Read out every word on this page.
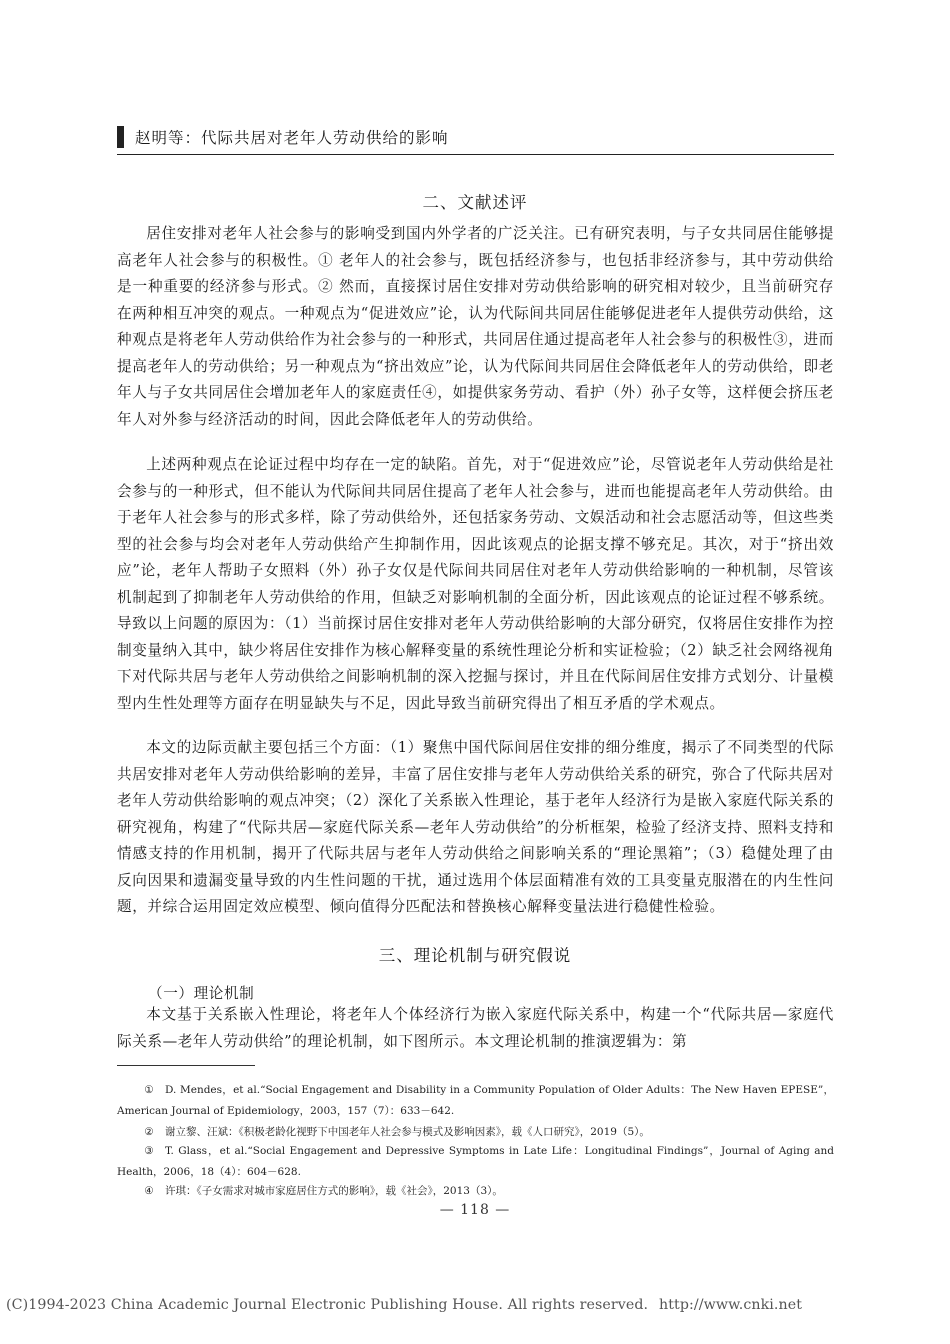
赵明等：代际共居对老年人劳动供给的影响
二、文献述评

居住安排对老年人社会参与的影响受到国内外学者的广泛关注。已有研究表明，与子女共同居住能够提高老年人社会参与的积极性。① 老年人的社会参与，既包括经济参与，也包括非经济参与，其中劳动供给是一种重要的经济参与形式。② 然而，直接探讨居住安排对劳动供给影响的研究相对较少，且当前研究存在两种相互冲突的观点。一种观点为“促进效应”论，认为代际间共同居住能够促进老年人提供劳动供给，这种观点是将老年人劳动供给作为社会参与的一种形式，共同居住通过提高老年人社会参与的积极性③，进而提高老年人的劳动供给；另一种观点为“挤出效应”论，认为代际间共同居住会降低老年人的劳动供给，即老年人与子女共同居住会增加老年人的家庭责任④，如提供家务劳动、看护（外）孙子女等，这样便会挤压老年人对外参与经济活动的时间，因此会降低老年人的劳动供给。

上述两种观点在论证过程中均存在一定的缺陷。首先，对于“促进效应”论，尽管说老年人劳动供给是社会参与的一种形式，但不能认为代际间共同居住提高了老年人社会参与，进而也能提高老年人劳动供给。由于老年人社会参与的形式多样，除了劳动供给外，还包括家务劳动、文娱活动和社会志愿活动等，但这些类型的社会参与均会对老年人劳动供给产生抑制作用，因此该观点的论据支撑不够充足。其次，对于“挤出效应”论，老年人帮助子女照料（外）孙子女仅是代际间共同居住对老年人劳动供给影响的一种机制，尽管该机制起到了抑制老年人劳动供给的作用，但缺乏对影响机制的全面分析，因此该观点的论证过程不够系统。导致以上问题的原因为：（1）当前探讨居住安排对老年人劳动供给影响的大部分研究，仅将居住安排作为控制变量纳入其中，缺少将居住安排作为核心解释变量的系统性理论分析和实证检验；（2）缺乏社会网络视角下对代际共居与老年人劳动供给之间影响机制的深入挖掘与探讨，并且在代际间居住安排方式划分、计量模型内生性处理等方面存在明显缺失与不足，因此导致当前研究得出了相互矛盾的学术观点。

本文的边际贡献主要包括三个方面：（1）聚焦中国代际间居住安排的细分维度，揭示了不同类型的代际共居安排对老年人劳动供给影响的差异，丰富了居住安排与老年人劳动供给关系的研究，弥合了代际共居对老年人劳动供给影响的观点冲突；（2）深化了关系嵌入性理论，基于老年人经济行为是嵌入家庭代际关系的研究视角，构建了“代际共居—家庭代际关系—老年人劳动供给”的分析框架，检验了经济支持、照料支持和情感支持的作用机制，揭开了代际共居与老年人劳动供给之间影响关系的“理论黑箱”；（3）稳健处理了由反向因果和遗漏变量导致的内生性问题的干扰，通过选用个体层面精准有效的工具变量克服潜在的内生性问题，并综合运用固定效应模型、倾向值得分匹配法和替换核心解释变量法进行稳健性检验。

三、理论机制与研究假说
（一）理论机制

本文基于关系嵌入性理论，将老年人个体经济行为嵌入家庭代际关系中，构建一个“代际共居—家庭代际关系—老年人劳动供给”的理论机制，如下图所示。本文理论机制的推演逻辑为：第

① D. Mendes，et al.“Social Engagement and Disability in a Community Population of Older Adults：The New Haven EPESE”，American Journal of Epidemiology，2003，157（7）：633－642.

② 谢立黎、汪斌：《积极老龄化视野下中国老年人社会参与模式及影响因素》，载《人口研究》，2019（5）。

③ T. Glass，et al.“Social Engagement and Depressive Symptoms in Late Life：Longitudinal Findings”，Journal of Aging and Health，2006，18（4）：604－628.

④ 许琪：《子女需求对城市家庭居住方式的影响》，载《社会》，2013（3）。

— 118 —
(C)1994-2023 China Academic Journal Electronic Publishing House. All rights reserved. http://www.cnki.net
